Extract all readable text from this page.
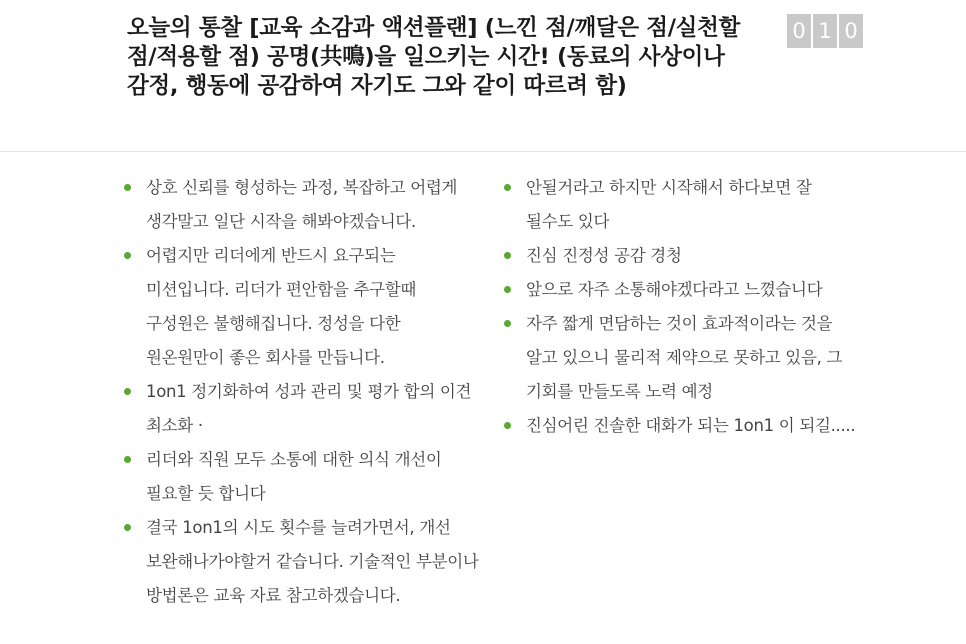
오늘의 통찰 [교육 소감과 액션플랜] (느낀 점/깨달은 점/실천할 점/적용할 점) 공명(共鳴)을 일으키는 시간! (동료의 사상이나 감정, 행동에 공감하여 자기도 그와 같이 따르려 함)
0 1 0
상호 신뢰를 형성하는 과정, 복잡하고 어렵게 생각말고 일단 시작을 해봐야겠습니다.
어렵지만 리더에게 반드시 요구되는 미션입니다. 리더가 편안함을 추구할때 구성원은 불행해집니다. 정성을 다한 원온원만이 좋은 회사를 만듭니다.
1on1 정기화하여 성과 관리 및 평가 합의 이견 최소화 ·
리더와 직원 모두 소통에 대한 의식 개선이 필요할 듯 합니다
결국 1on1의 시도 횟수를 늘려가면서, 개선 보완해나가야할거 같습니다. 기술적인 부분이나 방법론은 교육 자료 참고하겠습니다.
안될거라고 하지만 시작해서 하다보면 잘 될수도 있다
진심 진정성 공감 경청
앞으로 자주 소통해야겠다라고 느꼈습니다
자주 짧게 면담하는 것이 효과적이라는 것을 알고 있으니 물리적 제약으로 못하고 있음, 그 기회를 만들도록 노력 예정
진심어린 진솔한 대화가 되는 1on1 이 되길.....
